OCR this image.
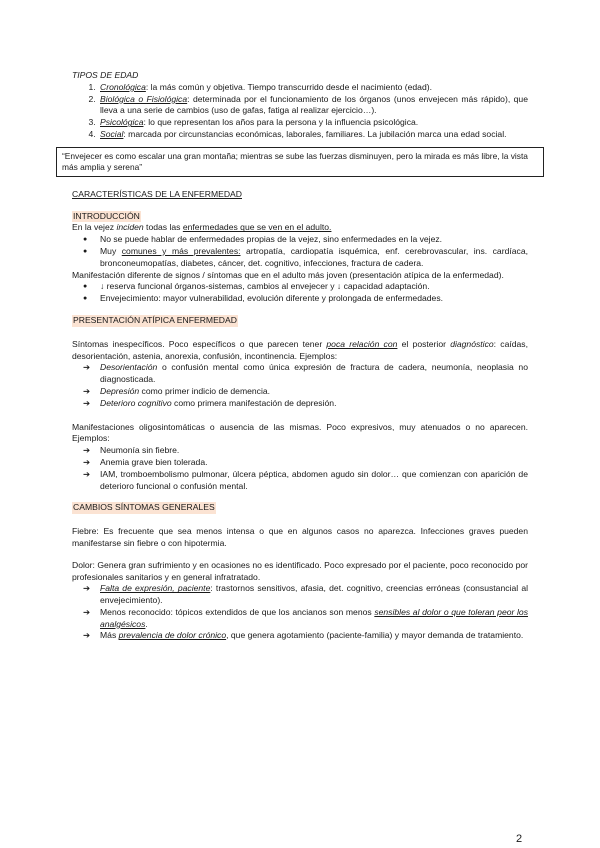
TIPOS DE EDAD

1. Cronológica: la más común y objetiva. Tiempo transcurrido desde el nacimiento (edad).
2. Biológica o Fisiológica: determinada por el funcionamiento de los órganos (unos envejecen más rápido), que lleva a una serie de cambios (uso de gafas, fatiga al realizar ejercicio…).
3. Psicológica: lo que representan los años para la persona y la influencia psicológica.
4. Social: marcada por circunstancias económicas, laborales, familiares. La jubilación marca una edad social.
“Envejecer es como escalar una gran montaña; mientras se sube las fuerzas disminuyen, pero la mirada es más libre, la vista más amplia y serena”

CARACTERÍSTICAS DE LA ENFERMEDAD

INTRODUCCIÓN

En la vejez inciden todas las enfermedades que se ven en el adulto.

● No se puede hablar de enfermedades propias de la vejez, sino enfermedades en la vejez.
● Muy comunes y más prevalentes: artropatía, cardiopatía isquémica, enf. cerebrovascular, ins. cardíaca, bronconeumopatías, diabetes, cáncer, det. cognitivo, infecciones, fractura de cadera.

Manifestación diferente de signos / síntomas que en el adulto más joven (presentación atípica de la enfermedad).

● ↓ reserva funcional órganos-sistemas, cambios al envejecer y ↓ capacidad adaptación.
● Envejecimiento: mayor vulnerabilidad, evolución diferente y prolongada de enfermedades.

PRESENTACIÓN ATÍPICA ENFERMEDAD

Síntomas inespecíficos. Poco específicos o que parecen tener poca relación con el posterior diagnóstico: caídas, desorientación, astenia, anorexia, confusión, incontinencia. Ejemplos:

➔ Desorientación o confusión mental como única expresión de fractura de cadera, neumonía, neoplasia no diagnosticada.
➔ Depresión como primer indicio de demencia.
➔ Deterioro cognitivo como primera manifestación de depresión.

Manifestaciones oligosintomáticas o ausencia de las mismas. Poco expresivos, muy atenuados o no aparecen. Ejemplos:

➔ Neumonía sin fiebre.
➔ Anemia grave bien tolerada.
➔ IAM, tromboembolismo pulmonar, úlcera péptica, abdomen agudo sin dolor… que comienzan con aparición de deterioro funcional o confusión mental.

CAMBIOS SÍNTOMAS GENERALES

Fiebre: Es frecuente que sea menos intensa o que en algunos casos no aparezca. Infecciones graves pueden manifestarse sin fiebre o con hipotermia.

Dolor: Genera gran sufrimiento y en ocasiones no es identificado. Poco expresado por el paciente, poco reconocido por profesionales sanitarios y en general infratratado.

➔ Falta de expresión, paciente: trastornos sensitivos, afasia, det. cognitivo, creencias erróneas (consustancial al envejecimiento).
➔ Menos reconocido: tópicos extendidos de que los ancianos son menos sensibles al dolor o que toleran peor los analgésicos.
➔ Más prevalencia de dolor crónico, que genera agotamiento (paciente-familia) y mayor demanda de tratamiento.
2
